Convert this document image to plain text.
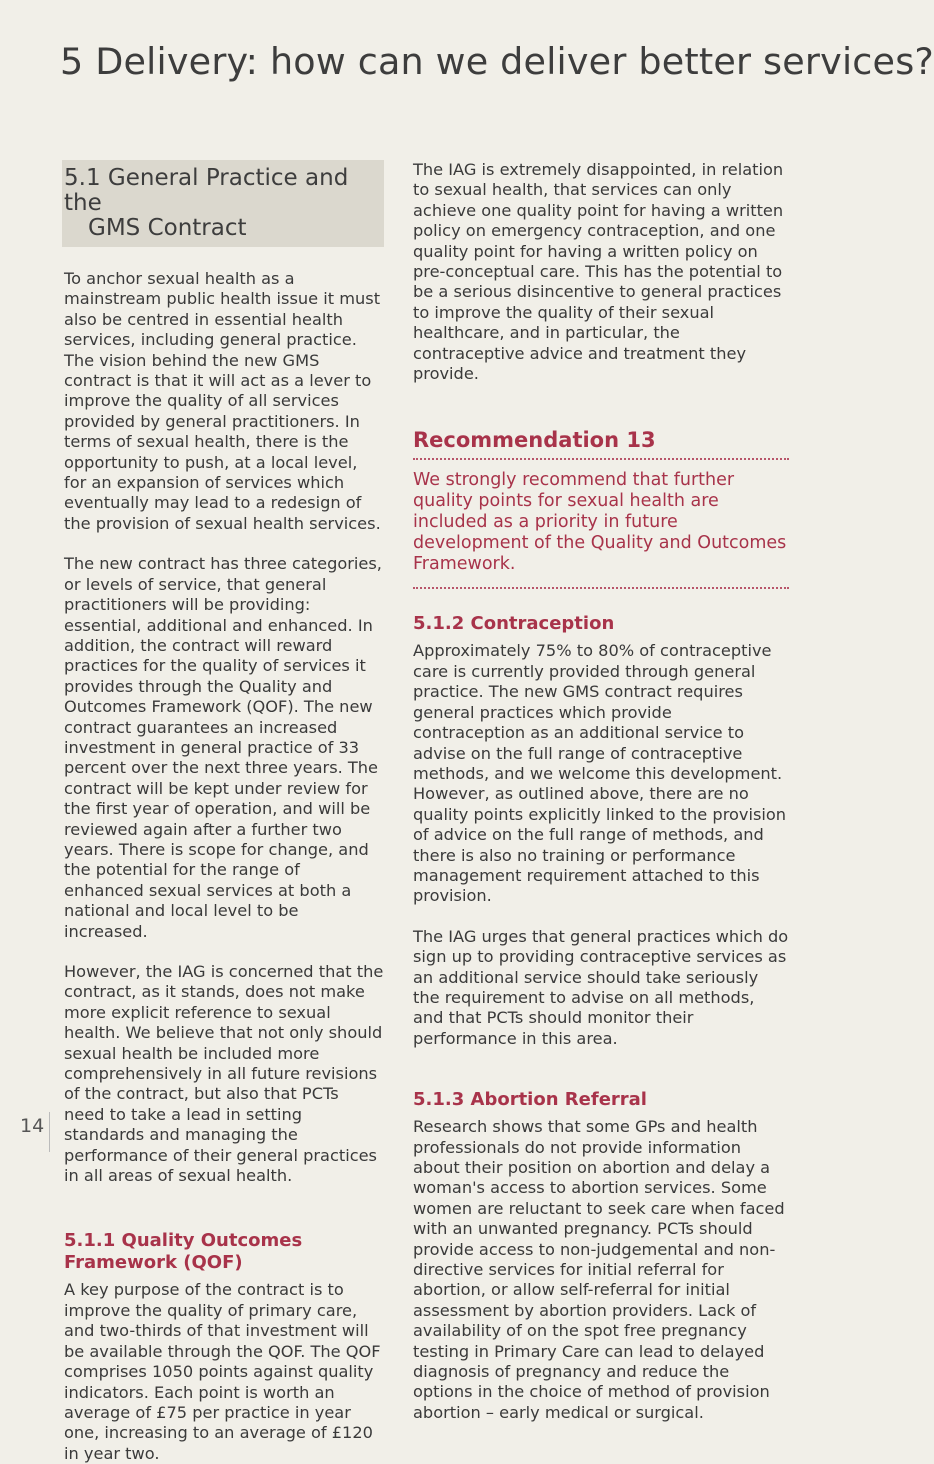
5 Delivery: how can we deliver better services?
5.1 General Practice and the
GMS Contract

To anchor sexual health as a mainstream public health issue it must also be centred in essential health services, including general practice. The vision behind the new GMS contract is that it will act as a lever to improve the quality of all services provided by general practitioners. In terms of sexual health, there is the opportunity to push, at a local level, for an expansion of services which eventually may lead to a redesign of the provision of sexual health services.

The new contract has three categories, or levels of service, that general practitioners will be providing: essential, additional and enhanced. In addition, the contract will reward practices for the quality of services it provides through the Quality and Outcomes Framework (QOF). The new contract guarantees an increased investment in general practice of 33 percent over the next three years. The contract will be kept under review for the first year of operation, and will be reviewed again after a further two years. There is scope for change, and the potential for the range of enhanced sexual services at both a national and local level to be increased.

However, the IAG is concerned that the contract, as it stands, does not make more explicit reference to sexual health. We believe that not only should sexual health be included more comprehensively in all future revisions of the contract, but also that PCTs need to take a lead in setting standards and managing the performance of their general practices in all areas of sexual health.

5.1.1 Quality Outcomes Framework (QOF)

A key purpose of the contract is to improve the quality of primary care, and two-thirds of that investment will be available through the QOF. The QOF comprises 1050 points against quality indicators. Each point is worth an average of £75 per practice in year one, increasing to an average of £120 in year two.

The IAG is extremely disappointed, in relation to sexual health, that services can only achieve one quality point for having a written policy on emergency contraception, and one quality point for having a written policy on pre-conceptual care. This has the potential to be a serious disincentive to general practices to improve the quality of their sexual healthcare, and in particular, the contraceptive advice and treatment they provide.

Recommendation 13

We strongly recommend that further quality points for sexual health are included as a priority in future development of the Quality and Outcomes Framework.

5.1.2 Contraception

Approximately 75% to 80% of contraceptive care is currently provided through general practice. The new GMS contract requires general practices which provide contraception as an additional service to advise on the full range of contraceptive methods, and we welcome this development. However, as outlined above, there are no quality points explicitly linked to the provision of advice on the full range of methods, and there is also no training or performance management requirement attached to this provision.

The IAG urges that general practices which do sign up to providing contraceptive services as an additional service should take seriously the requirement to advise on all methods, and that PCTs should monitor their performance in this area.

5.1.3 Abortion Referral

Research shows that some GPs and health professionals do not provide information about their position on abortion and delay a woman's access to abortion services. Some women are reluctant to seek care when faced with an unwanted pregnancy. PCTs should provide access to non-judgemental and non-directive services for initial referral for abortion, or allow self-referral for initial assessment by abortion providers. Lack of availability of on the spot free pregnancy testing in Primary Care can lead to delayed diagnosis of pregnancy and reduce the options in the choice of method of provision abortion – early medical or surgical.

14
